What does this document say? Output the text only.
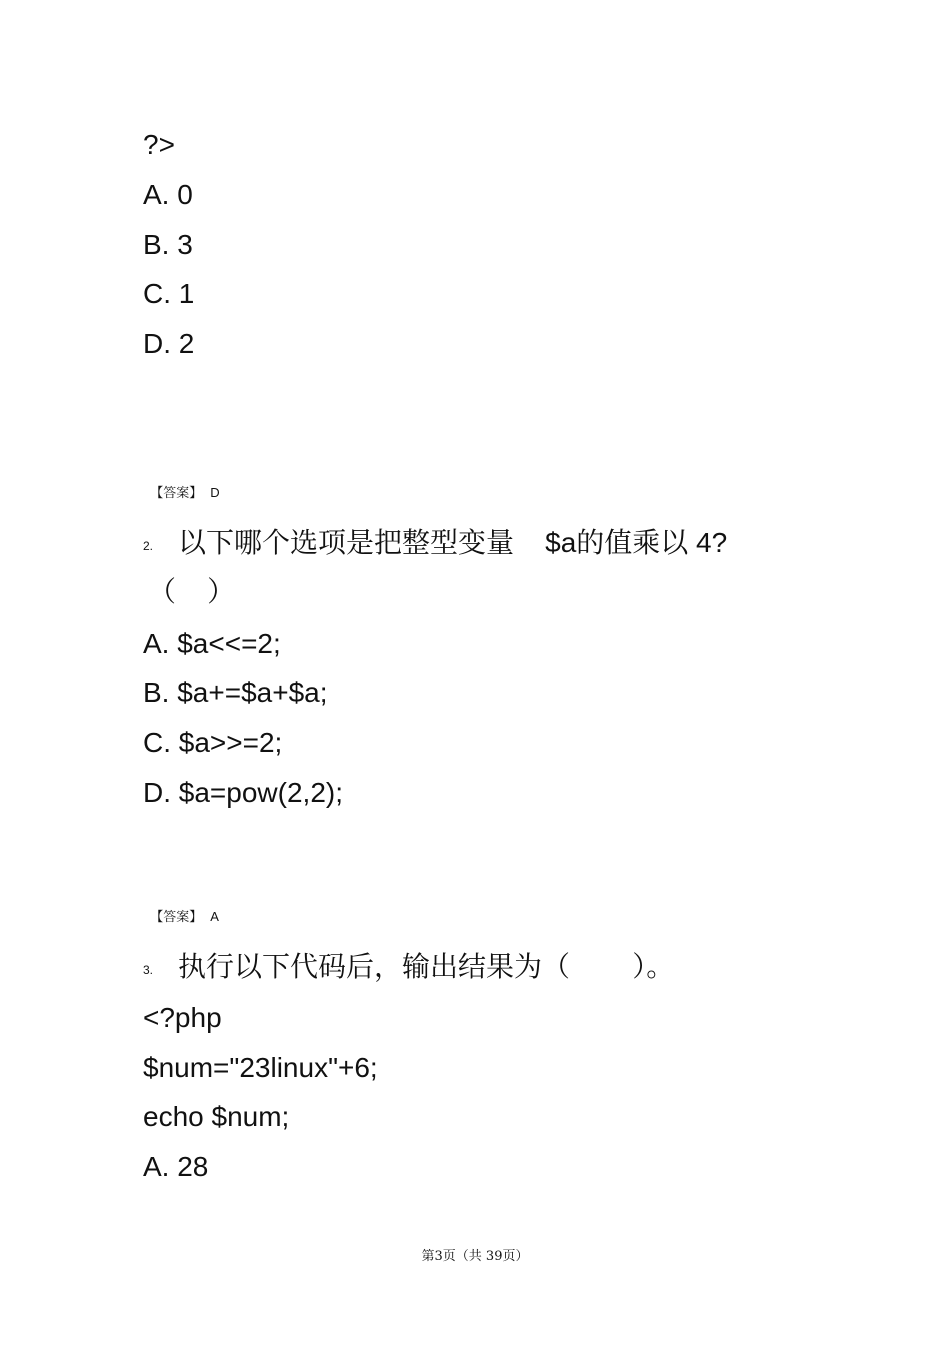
?>
A. 0
B. 3
C. 1
D. 2

【答案】 D

2. 以下哪个选项是把整型变量    $a的值乘以 4?
（    ）
A. $a<<=2;
B. $a+=$a+$a;
C. $a>>=2;
D. $a=pow(2,2);

【答案】 A

3. 执行以下代码后，输出结果为（        ）。
<?php
$num="23linux"+6;
echo $num;
A. 28
第3页（共 39页）
